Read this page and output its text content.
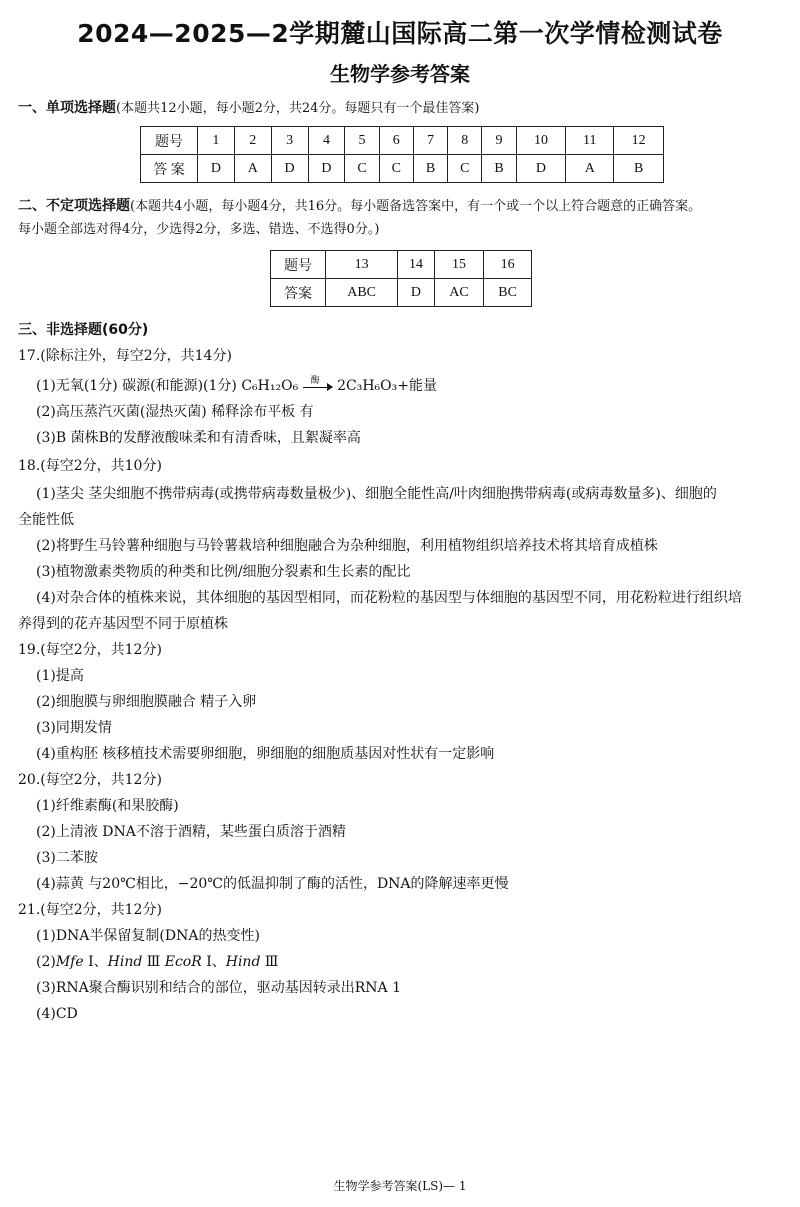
2024—2025—2学期麓山国际高二第一次学情检测试卷
生物学参考答案
一、单项选择题(本题共12小题，每小题2分，共24分。每题只有一个最佳答案)
题号	1	2	3	4	5	6	7	8	9	10	11	12
答 案	D	A	D	D	C	C	B	C	B	D	A	B
二、不定项选择题(本题共4小题，每小题4分，共16分。每小题备选答案中，有一个或一个以上符合题意的正确答案。
每小题全部选对得4分，少选得2分，多选、错选、不选得0分。)
题号	13	14	15	16
答案	ABC	D	AC	BC
三、非选择题(60分)
17.(除标注外，每空2分，共14分)
(1)无氧(1分) 碳源(和能源)(1分) C₆H₁₂O₆ 酶 2C₃H₆O₃+能量
(2)高压蒸汽灭菌(湿热灭菌) 稀释涂布平板 有
(3)B 菌株B的发酵液酸味柔和有清香味，且絮凝率高
18.(每空2分，共10分)
(1)茎尖 茎尖细胞不携带病毒(或携带病毒数量极少)、细胞全能性高/叶肉细胞携带病毒(或病毒数量多)、细胞的
全能性低
(2)将野生马铃薯种细胞与马铃薯栽培种细胞融合为杂种细胞，利用植物组织培养技术将其培育成植株
(3)植物激素类物质的种类和比例/细胞分裂素和生长素的配比
(4)对杂合体的植株来说，其体细胞的基因型相同，而花粉粒的基因型与体细胞的基因型不同，用花粉粒进行组织培
养得到的花卉基因型不同于原植株
19.(每空2分，共12分)
(1)提高
(2)细胞膜与卵细胞膜融合 精子入卵
(3)同期发情
(4)重构胚 核移植技术需要卵细胞，卵细胞的细胞质基因对性状有一定影响
20.(每空2分，共12分)
(1)纤维素酶(和果胶酶)
(2)上清液 DNA不溶于酒精，某些蛋白质溶于酒精
(3)二苯胺
(4)蒜黄 与20℃相比，−20℃的低温抑制了酶的活性，DNA的降解速率更慢
21.(每空2分，共12分)
(1)DNA半保留复制(DNA的热变性)
(2)Mfe Ⅰ、Hind Ⅲ EcoR Ⅰ、Hind Ⅲ
(3)RNA聚合酶识别和结合的部位，驱动基因转录出RNA 1
(4)CD
生物学参考答案(LS)— 1
